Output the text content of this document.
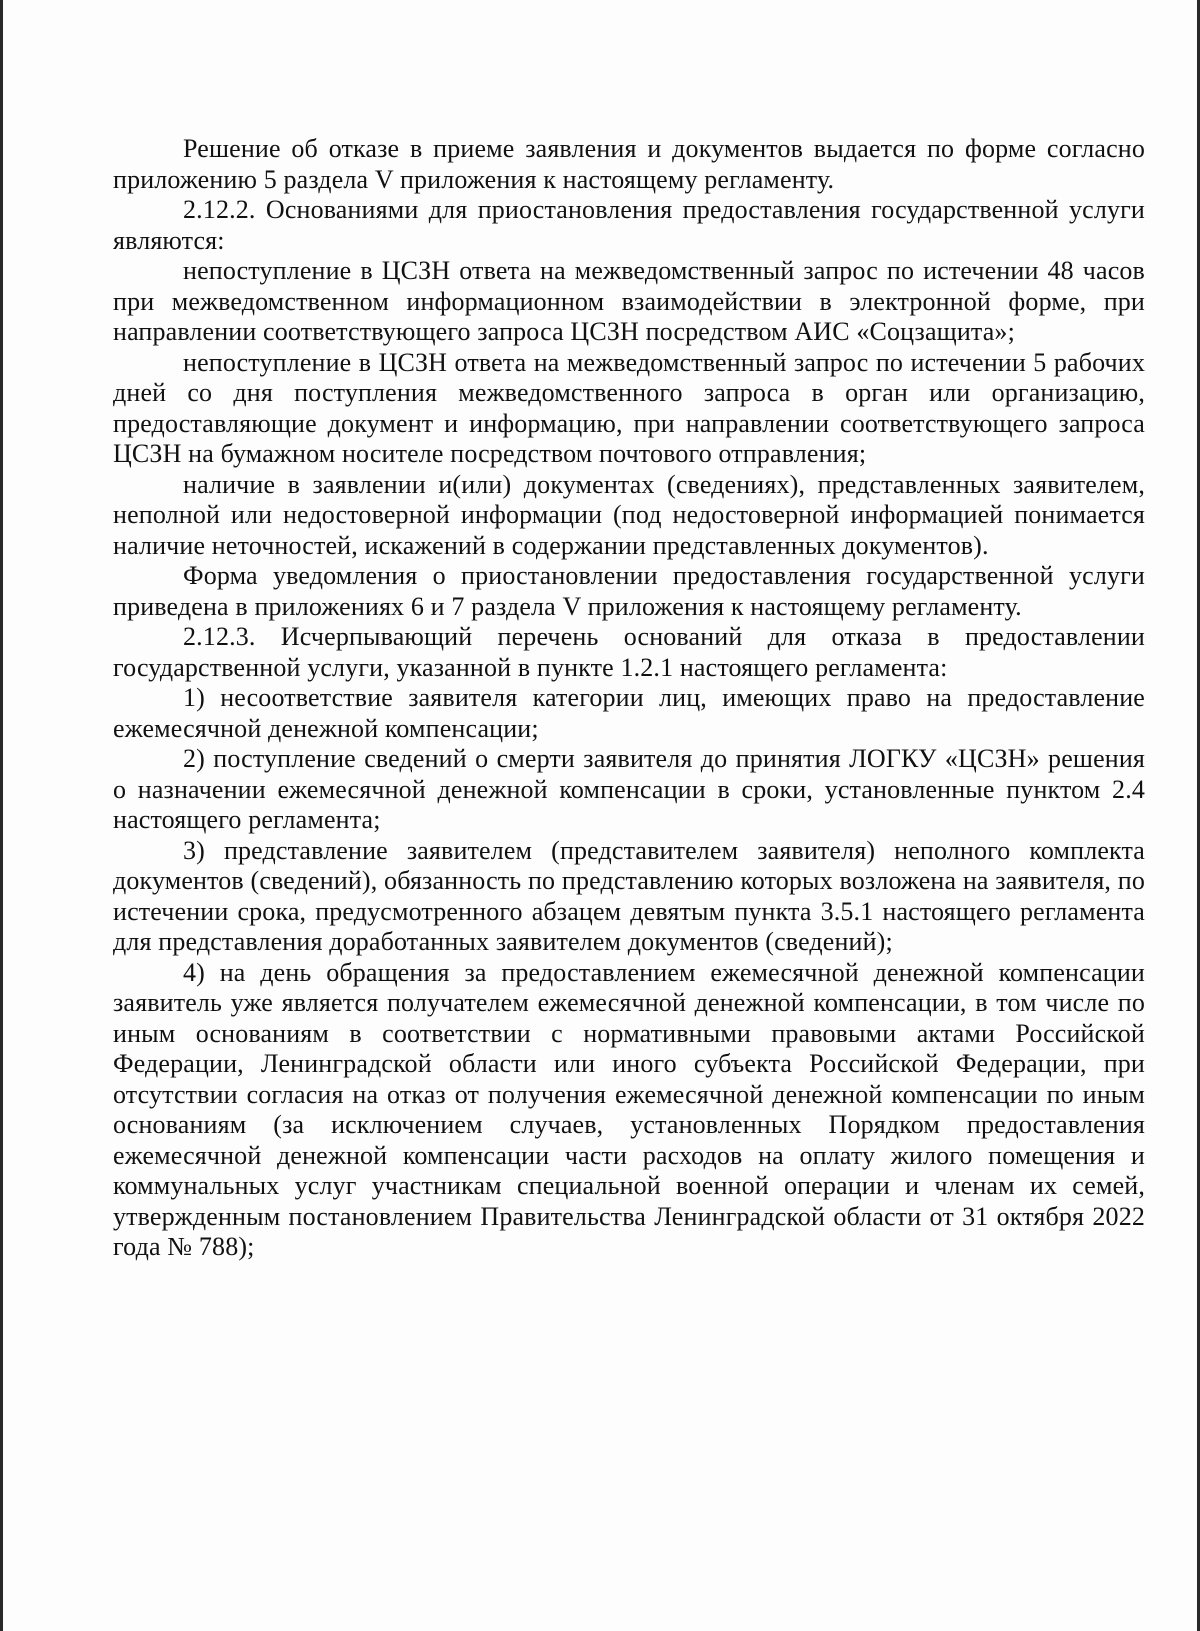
Решение об отказе в приеме заявления и документов выдается по форме согласно приложению 5 раздела V приложения к настоящему регламенту.

2.12.2. Основаниями для приостановления предоставления государственной услуги являются:

непоступление в ЦСЗН ответа на межведомственный запрос по истечении 48 часов при межведомственном информационном взаимодействии в электронной форме, при направлении соответствующего запроса ЦСЗН посредством АИС «Соцзащита»;

непоступление в ЦСЗН ответа на межведомственный запрос по истечении 5 рабочих дней со дня поступления межведомственного запроса в орган или организацию, предоставляющие документ и информацию, при направлении соответствующего запроса ЦСЗН на бумажном носителе посредством почтового отправления;

наличие в заявлении и(или) документах (сведениях), представленных заявителем, неполной или недостоверной информации (под недостоверной информацией понимается наличие неточностей, искажений в содержании представленных документов).

Форма уведомления о приостановлении предоставления государственной услуги приведена в приложениях 6 и 7 раздела V приложения к настоящему регламенту.

2.12.3. Исчерпывающий перечень оснований для отказа в предоставлении государственной услуги, указанной в пункте 1.2.1 настоящего регламента:

1) несоответствие заявителя категории лиц, имеющих право на предоставление ежемесячной денежной компенсации;

2) поступление сведений о смерти заявителя до принятия ЛОГКУ «ЦСЗН» решения о назначении ежемесячной денежной компенсации в сроки, установленные пунктом 2.4 настоящего регламента;

3) представление заявителем (представителем заявителя) неполного комплекта документов (сведений), обязанность по представлению которых возложена на заявителя, по истечении срока, предусмотренного абзацем девятым пункта 3.5.1 настоящего регламента для представления доработанных заявителем документов (сведений);

4) на день обращения за предоставлением ежемесячной денежной компенсации заявитель уже является получателем ежемесячной денежной компенсации, в том числе по иным основаниям в соответствии с нормативными правовыми актами Российской Федерации, Ленинградской области или иного субъекта Российской Федерации, при отсутствии согласия на отказ от получения ежемесячной денежной компенсации по иным основаниям (за исключением случаев, установленных Порядком предоставления ежемесячной денежной компенсации части расходов на оплату жилого помещения и коммунальных услуг участникам специальной военной операции и членам их семей, утвержденным постановлением Правительства Ленинградской области от 31 октября 2022 года № 788);
